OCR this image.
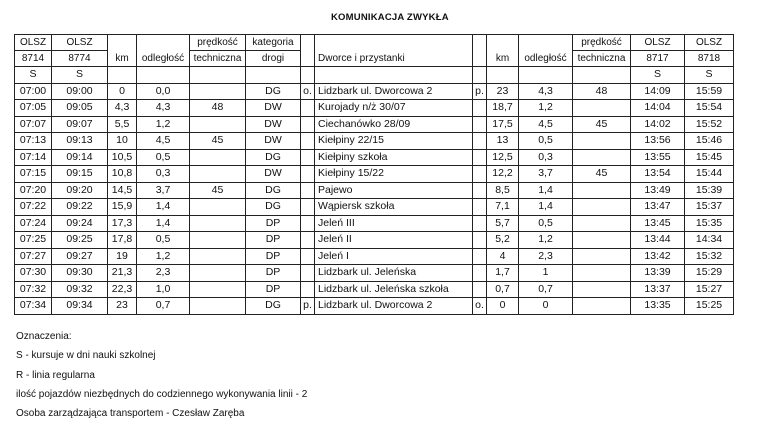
KOMUNIKACJA ZWYKŁA
OLSZ	OLSZ	km	odległość	prędkość	kategoria		Dworce i przystanki		km	odległość	prędkość	OLSZ	OLSZ
8714	8774			techniczna	drogi						techniczna	8717	8718
S	S											S	S
07:00	09:00	0	0,0		DG	o.	Lidzbark ul. Dworcowa 2	p.	23	4,3	48	14:09	15:59
07:05	09:05	4,3	4,3	48	DW		Kurojady n/ż 30/07		18,7	1,2		14:04	15:54
07:07	09:07	5,5	1,2		DW		Ciechanówko 28/09		17,5	4,5	45	14:02	15:52
07:13	09:13	10	4,5	45	DW		Kiełpiny 22/15		13	0,5		13:56	15:46
07:14	09:14	10,5	0,5		DG		Kiełpiny szkoła		12,5	0,3		13:55	15:45
07:15	09:15	10,8	0,3		DW		Kiełpiny 15/22		12,2	3,7	45	13:54	15:44
07:20	09:20	14,5	3,7	45	DG		Pajewo		8,5	1,4		13:49	15:39
07:22	09:22	15,9	1,4		DG		Wąpiersk szkoła		7,1	1,4		13:47	15:37
07:24	09:24	17,3	1,4		DP		Jeleń III		5,7	0,5		13:45	15:35
07:25	09:25	17,8	0,5		DP		Jeleń II		5,2	1,2		13:44	14:34
07:27	09:27	19	1,2		DP		Jeleń I		4	2,3		13:42	15:32
07:30	09:30	21,3	2,3		DP		Lidzbark ul. Jeleńska		1,7	1		13:39	15:29
07:32	09:32	22,3	1,0		DP		Lidzbark ul. Jeleńska szkoła		0,7	0,7		13:37	15:27
07:34	09:34	23	0,7		DG	p.	Lidzbark ul. Dworcowa 2	o.	0	0		13:35	15:25
Oznaczenia:
S - kursuje w dni nauki szkolnej
R - linia regularna
ilość pojazdów niezbędnych do codziennego wykonywania linii - 2
Osoba zarządzająca transportem - Czesław Zaręba
